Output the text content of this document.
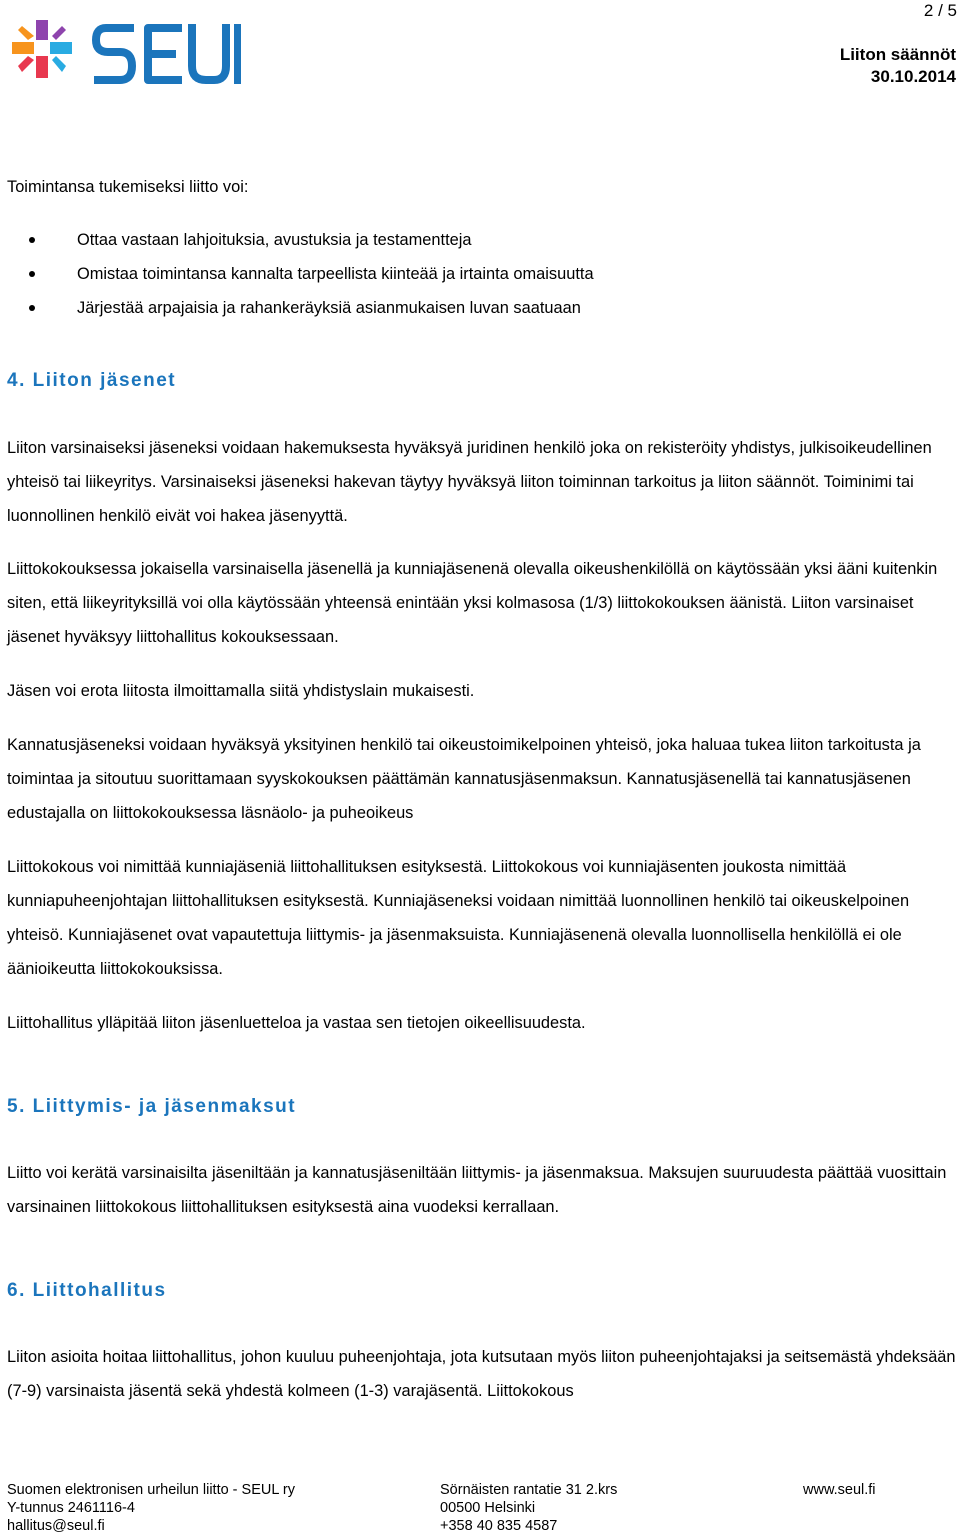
2 / 5
Liiton säännöt
30.10.2014

Toimintansa tukemiseksi liitto voi:

Ottaa vastaan lahjoituksia, avustuksia ja testamentteja
Omistaa toimintansa kannalta tarpeellista kiinteää ja irtainta omaisuutta
Järjestää arpajaisia ja rahankeräyksiä asianmukaisen luvan saatuaan
4. Liiton jäsenet

Liiton varsinaiseksi jäseneksi voidaan hakemuksesta hyväksyä juridinen henkilö joka on rekisteröity yhdistys, julkisoikeudellinen yhteisö tai liikeyritys. Varsinaiseksi jäseneksi hakevan täytyy hyväksyä liiton toiminnan tarkoitus ja liiton säännöt. Toiminimi tai luonnollinen henkilö eivät voi hakea jäsenyyttä.

Liittokokouksessa jokaisella varsinaisella jäsenellä ja kunniajäsenenä olevalla oikeushenkilöllä on käytössään yksi ääni kuitenkin siten, että liikeyrityksillä voi olla käytössään yhteensä enintään yksi kolmasosa (1/3) liittokokouksen äänistä. Liiton varsinaiset jäsenet hyväksyy liittohallitus kokouksessaan.

Jäsen voi erota liitosta ilmoittamalla siitä yhdistyslain mukaisesti.

Kannatusjäseneksi voidaan hyväksyä yksityinen henkilö tai oikeustoimikelpoinen yhteisö, joka haluaa tukea liiton tarkoitusta ja toimintaa ja sitoutuu suorittamaan syyskokouksen päättämän kannatusjäsenmaksun. Kannatusjäsenellä tai kannatusjäsenen edustajalla on liittokokouksessa läsnäolo- ja puheoikeus

Liittokokous voi nimittää kunniajäseniä liittohallituksen esityksestä. Liittokokous voi kunniajäsenten joukosta nimittää kunniapuheenjohtajan liittohallituksen esityksestä. Kunniajäseneksi voidaan nimittää luonnollinen henkilö tai oikeuskelpoinen yhteisö. Kunniajäsenet ovat vapautettuja liittymis- ja jäsenmaksuista. Kunniajäsenenä olevalla luonnollisella henkilöllä ei ole äänioikeutta liittokokouksissa.

Liittohallitus ylläpitää liiton jäsenluetteloa ja vastaa sen tietojen oikeellisuudesta.

5. Liittymis- ja jäsenmaksut

Liitto voi kerätä varsinaisilta jäseniltään ja kannatusjäseniltään liittymis- ja jäsenmaksua. Maksujen suuruudesta päättää vuosittain varsinainen liittokokous liittohallituksen esityksestä aina vuodeksi kerrallaan.

6. Liittohallitus

Liiton asioita hoitaa liittohallitus, johon kuuluu puheenjohtaja, jota kutsutaan myös liiton puheenjohtajaksi ja seitsemästä yhdeksään (7-9) varsinaista jäsentä sekä yhdestä kolmeen (1-3) varajäsentä. Liittokokous

Suomen elektronisen urheilun liitto - SEUL ry
Y-tunnus 2461116-4
hallitus@seul.fi
Sörnäisten rantatie 31 2.krs
00500 Helsinki
+358 40 835 4587
www.seul.fi
